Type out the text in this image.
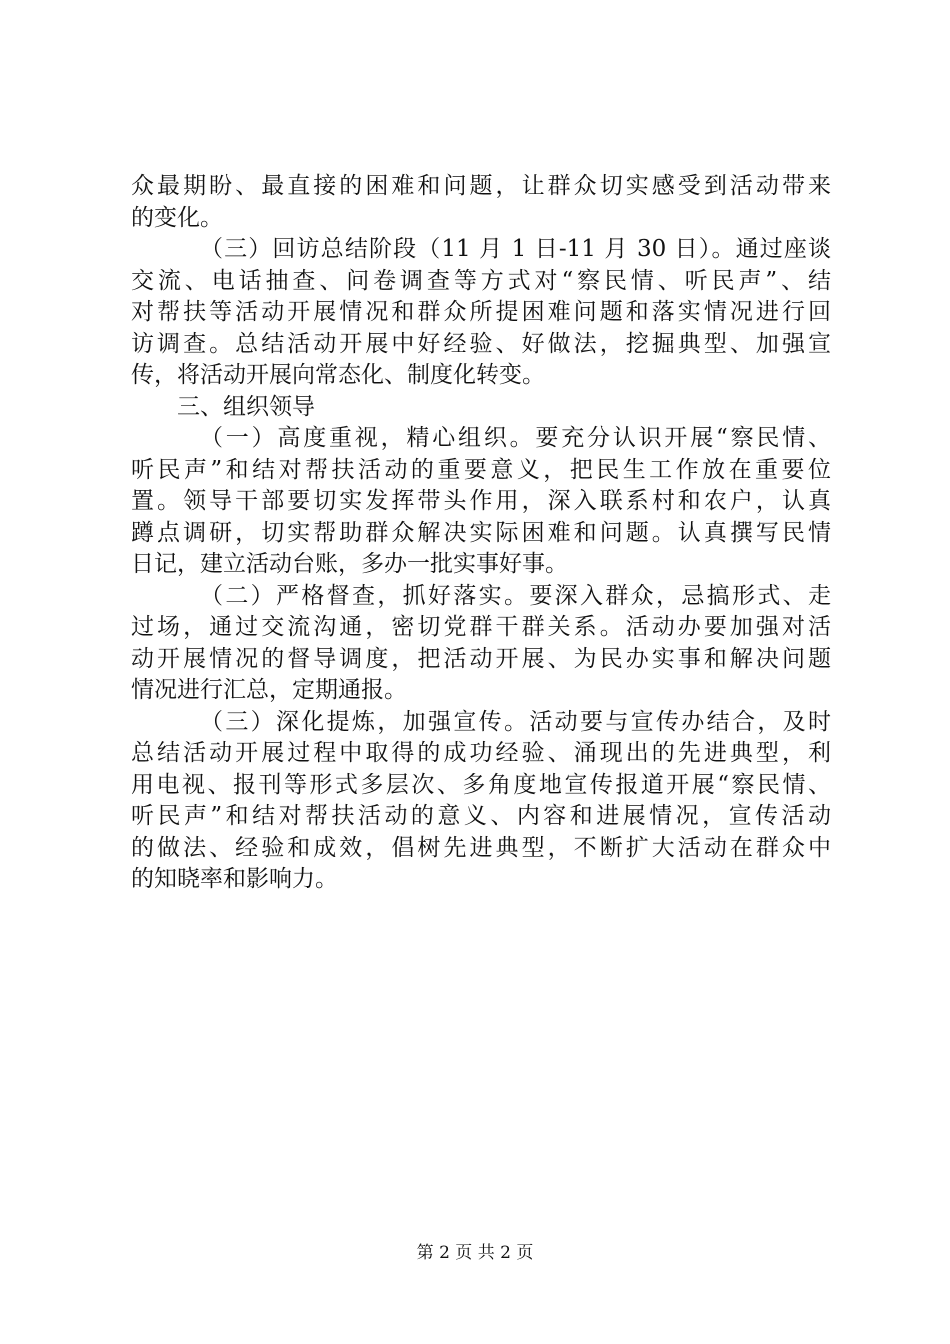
众最期盼、最直接的困难和问题，让群众切实感受到活动带来
的变化。
（三）回访总结阶段（11 月 1 日-11 月 30 日）。通过座谈
交流、电话抽查、问卷调查等方式对“察民情、听民声”、结
对帮扶等活动开展情况和群众所提困难问题和落实情况进行回
访调查。总结活动开展中好经验、好做法，挖掘典型、加强宣
传，将活动开展向常态化、制度化转变。
三、组织领导
（一）高度重视，精心组织。要充分认识开展“察民情、
听民声”和结对帮扶活动的重要意义，把民生工作放在重要位
置。领导干部要切实发挥带头作用，深入联系村和农户，认真
蹲点调研，切实帮助群众解决实际困难和问题。认真撰写民情
日记，建立活动台账，多办一批实事好事。
（二）严格督查，抓好落实。要深入群众，忌搞形式、走
过场，通过交流沟通，密切党群干群关系。活动办要加强对活
动开展情况的督导调度，把活动开展、为民办实事和解决问题
情况进行汇总，定期通报。
（三）深化提炼，加强宣传。活动要与宣传办结合，及时
总结活动开展过程中取得的成功经验、涌现出的先进典型，利
用电视、报刊等形式多层次、多角度地宣传报道开展“察民情、
听民声”和结对帮扶活动的意义、内容和进展情况，宣传活动
的做法、经验和成效，倡树先进典型，不断扩大活动在群众中
的知晓率和影响力。
第 2 页 共 2 页
